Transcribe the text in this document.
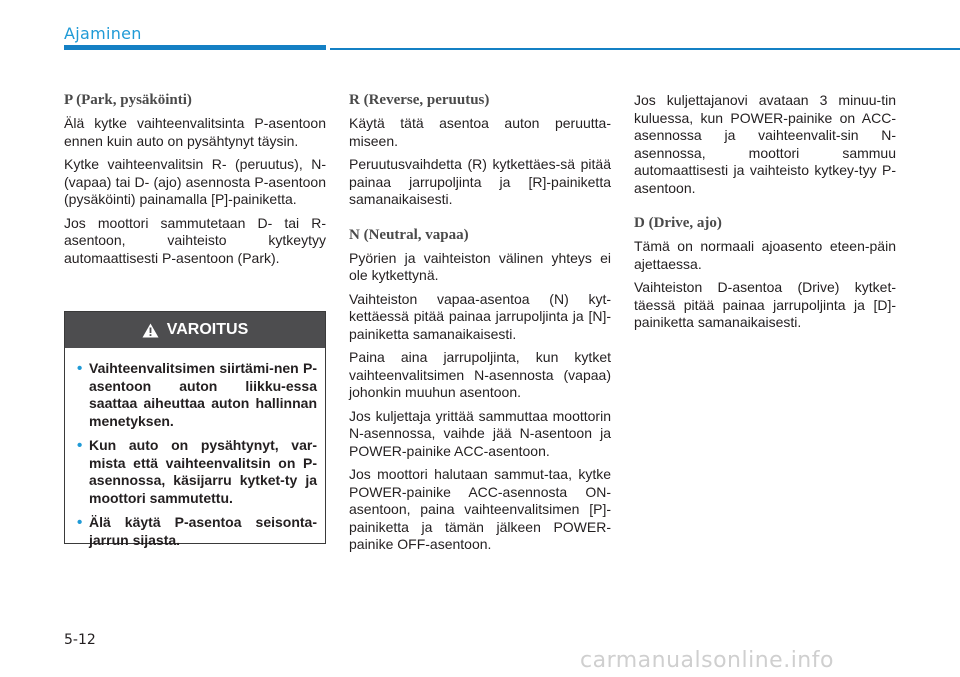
Ajaminen
P (Park, pysäköinti)

Älä kytke vaihteenvalitsinta P-asentoon ennen kuin auto on pysähtynyt täysin.

Kytke vaihteenvalitsin R- (peruutus), N- (vapaa) tai D- (ajo) asennosta P-asentoon (pysäköinti) painamalla [P]-painiketta.

Jos moottori sammutetaan D- tai R-asentoon, vaihteisto kytkeytyy automaattisesti P-asentoon (Park).

VAROITUS
• Vaihteenvalitsimen siirtämi-nen P-asentoon auton liikku-essa saattaa aiheuttaa auton hallinnan menetyksen.
• Kun auto on pysähtynyt, var-mista että vaihteenvalitsin on P-asennossa, käsijarru kytket-ty ja moottori sammutettu.
• Älä käytä P-asentoa seisonta-jarrun sijasta.
R (Reverse, peruutus)

Käytä tätä asentoa auton peruutta-miseen.

Peruutusvaihdetta (R) kytkettäes-sä pitää painaa jarrupoljinta ja [R]-painiketta samanaikaisesti.

N (Neutral, vapaa)

Pyörien ja vaihteiston välinen yhteys ei ole kytkettynä.

Vaihteiston vapaa-asentoa (N) kyt-kettäessä pitää painaa jarrupoljinta ja [N]-painiketta samanaikaisesti.

Paina aina jarrupoljinta, kun kytket vaihteenvalitsimen N-asennosta (vapaa) johonkin muuhun asentoon.

Jos kuljettaja yrittää sammuttaa moottorin N-asennossa, vaihde jää N-asentoon ja POWER-painike ACC-asentoon.

Jos moottori halutaan sammut-taa, kytke POWER-painike ACC-asennosta ON-asentoon, paina vaihteenvalitsimen [P]-painiketta ja tämän jälkeen POWER-painike OFF-asentoon.

Jos kuljettajanovi avataan 3 minuu-tin kuluessa, kun POWER-painike on ACC-asennossa ja vaihteenvalit-sin N-asennossa, moottori sammuu automaattisesti ja vaihteisto kytkey-tyy P-asentoon.

D (Drive, ajo)

Tämä on normaali ajoasento eteen-päin ajettaessa.

Vaihteiston D-asentoa (Drive) kytket-täessä pitää painaa jarrupoljinta ja [D]-painiketta samanaikaisesti.

5-12
carmanualsonline.info
